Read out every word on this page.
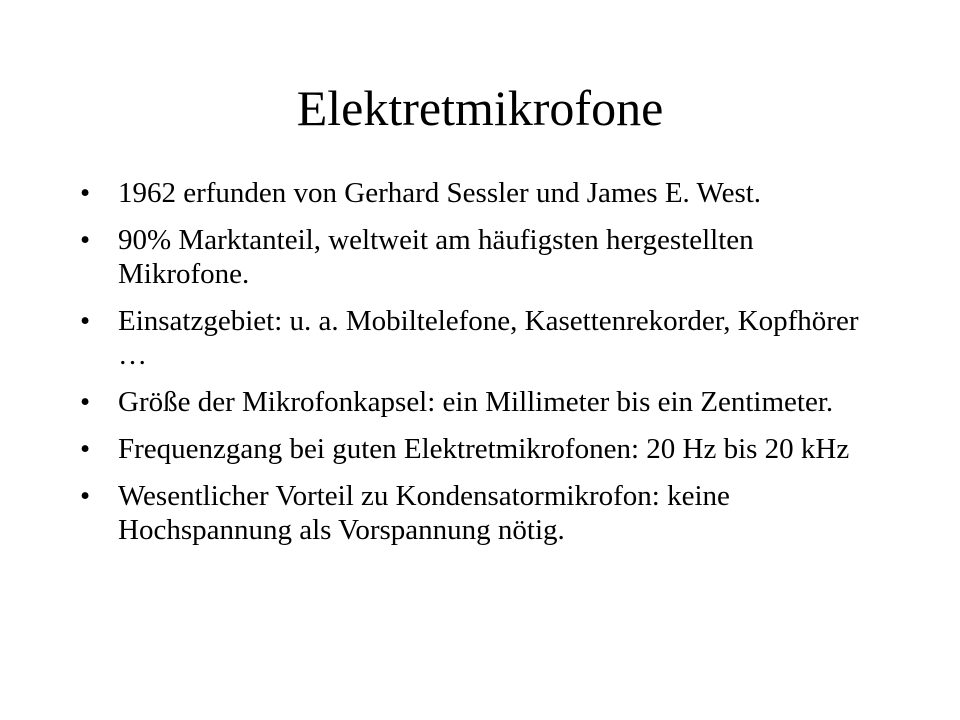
Elektretmikrofone
• 1962 erfunden von Gerhard Sessler und James E. West.
• 90% Marktanteil, weltweit am häufigsten hergestellten Mikrofone.
• Einsatzgebiet: u. a. Mobiltelefone, Kasettenrekorder, Kopfhörer …
• Größe der Mikrofonkapsel: ein Millimeter bis ein Zentimeter.
• Frequenzgang bei guten Elektretmikrofonen: 20 Hz bis 20 kHz
• Wesentlicher Vorteil zu Kondensatormikrofon: keine Hochspannung als Vorspannung nötig.
